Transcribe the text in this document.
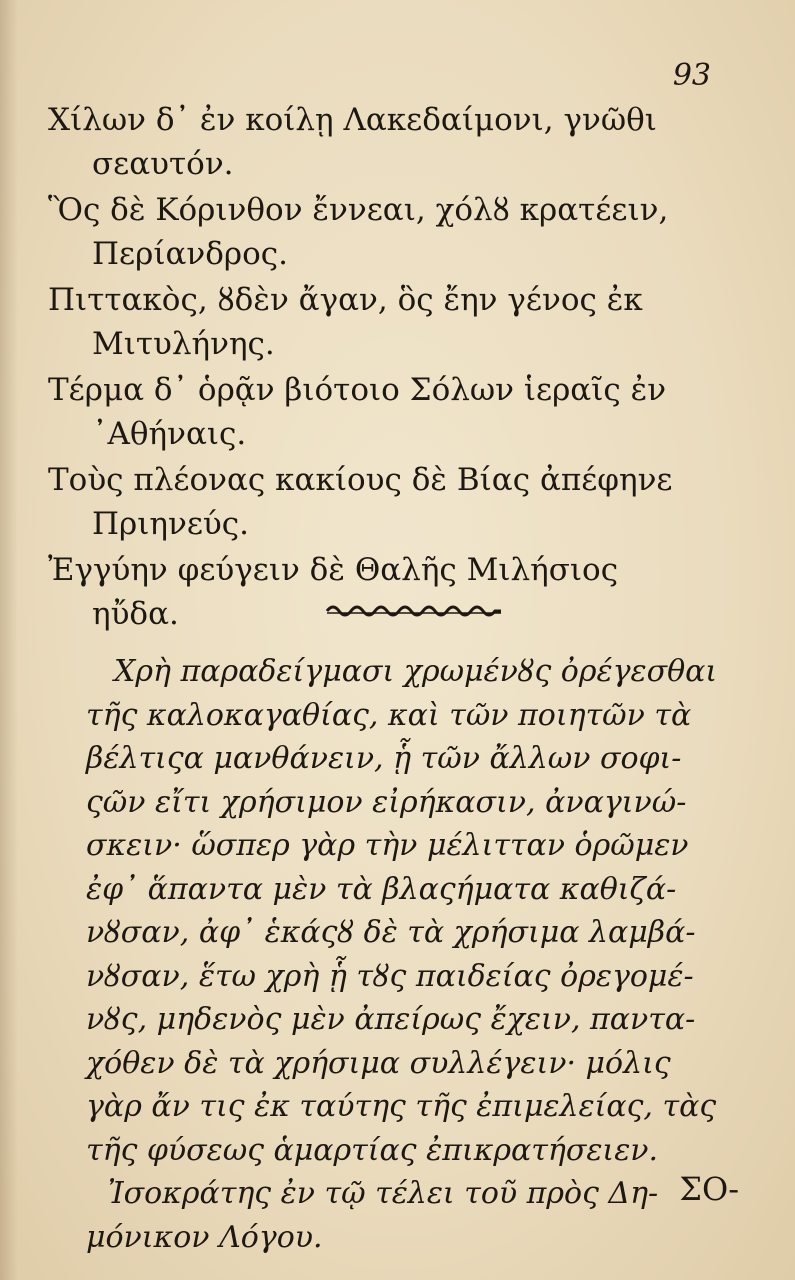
93

Χίλων δ᾽ ἐν κοίλῃ Λακεδαίμονι, γνῶθι

σεαυτόν.

Ὃς δὲ Κόρινθον ἔννεαι, χόλȣ κρατέειν,

Περίανδρος.

Πιττακὸς, ȣδὲν ἄγαν, ὃς ἔην γένος ἐκ

Μιτυλήνης.

Τέρμα δ᾽ ὁρᾷν βιότοιο Σόλων ἱεραῖς ἐν

᾽Αθήναις.

Τοὺς πλέονας κακίους δὲ Βίας ἀπέφηνε

Πριηνεύς.

Ἐγγύην φεύγειν δὲ Θαλῆς Μιλήσιος

ηὔδα.

Χρὴ παραδείγμασι χρωμένȣς ὀρέγεσθαι

τῆς καλοκαγαθίας, καὶ τῶν ποιητῶν τὰ

βέλτιςα μανθάνειν, ᾗ τῶν ἄλλων σοφι-

ςῶν εἴτι χρήσιμον εἰρήκασιν, ἀναγινώ-

σκειν· ὥσπερ γὰρ τὴν μέλιτταν ὁρῶμεν

ἐφ᾽ ἅπαντα μὲν τὰ βλαςήματα καθιζά-

νȣσαν, ἀφ᾽ ἑκάςȣ δὲ τὰ χρήσιμα λαμβά-

νȣσαν, ἕτω χρὴ ᾗ τȣς παιδείας ὀρεγομέ-

νȣς, μηδενὸς μὲν ἀπείρως ἔχειν, παντα-

χόθεν δὲ τὰ χρήσιμα συλλέγειν· μόλις

γὰρ ἄν τις ἐκ ταύτης τῆς ἐπιμελείας, τὰς

τῆς φύσεως ἁμαρτίας ἐπικρατήσειεν.

Ἰσοκράτης ἐν τῷ τέλει τοῦ πρὸς Δη-

μόνικον Λόγου.

ΣΟ-
